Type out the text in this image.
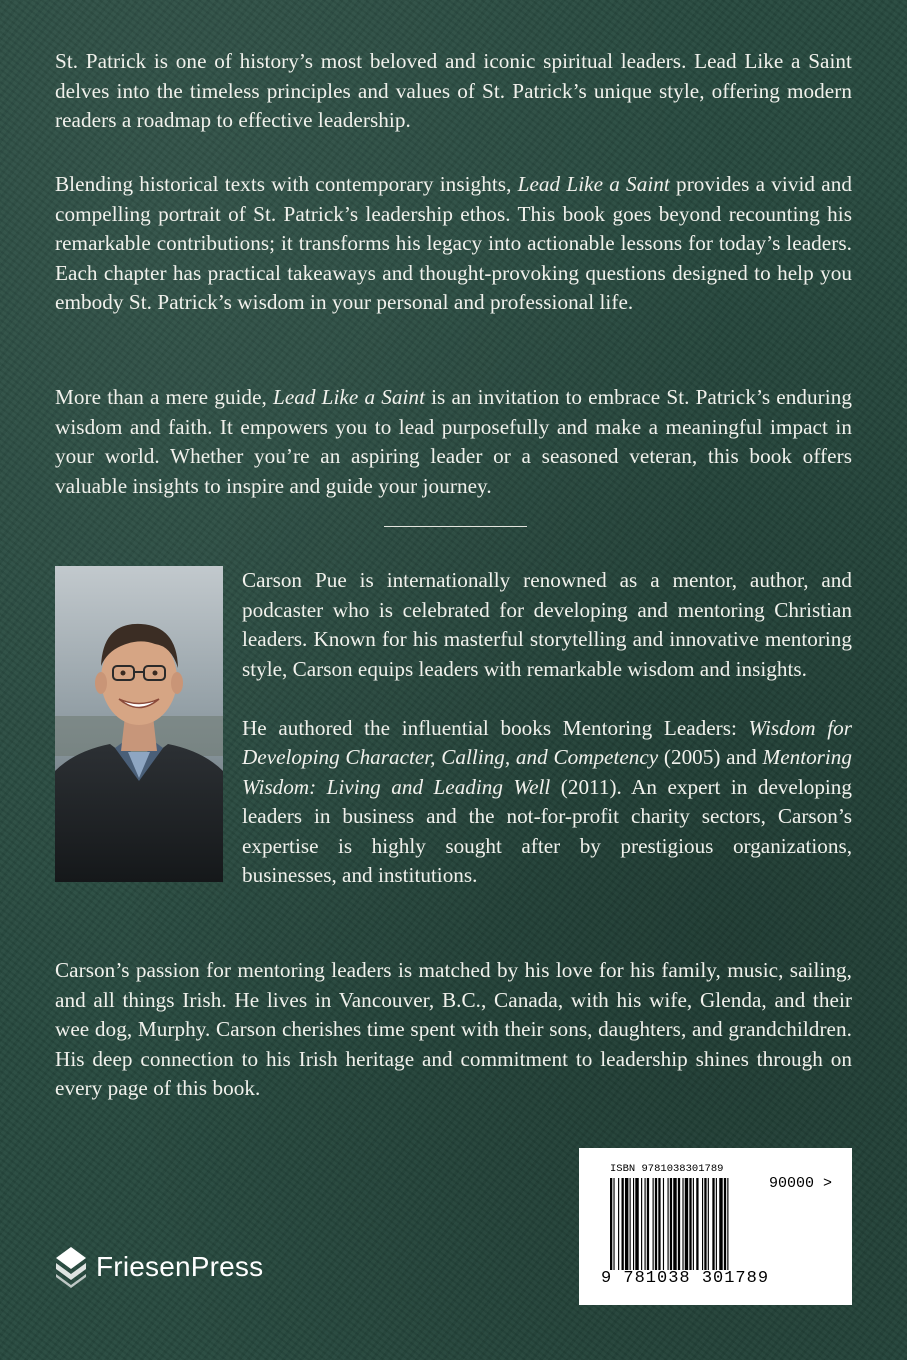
St. Patrick is one of history’s most beloved and iconic spiritual leaders. Lead Like a Saint delves into the timeless principles and values of St. Patrick’s unique style, offering modern readers a roadmap to effective leadership.

Blending historical texts with contemporary insights, Lead Like a Saint provides a vivid and compelling portrait of St. Patrick’s leadership ethos. This book goes beyond recounting his remarkable contributions; it transforms his legacy into actionable lessons for today’s leaders. Each chapter has practical takeaways and thought-provoking questions designed to help you embody St. Patrick’s wisdom in your personal and professional life.

More than a mere guide, Lead Like a Saint is an invitation to embrace St. Patrick’s enduring wisdom and faith. It empowers you to lead purposefully and make a meaningful impact in your world. Whether you’re an aspiring leader or a seasoned veteran, this book offers valuable insights to inspire and guide your journey.

Carson Pue is internationally renowned as a mentor, author, and podcaster who is celebrated for developing and mentoring Christian leaders. Known for his masterful storytelling and innovative mentoring style, Carson equips leaders with remarkable wisdom and insights.

He authored the influential books Mentoring Leaders: Wisdom for Developing Character, Calling, and Competency (2005) and Mentoring Wisdom: Living and Leading Well (2011). An expert in developing leaders in business and the not-for-profit charity sectors, Carson’s expertise is highly sought after by prestigious organizations, businesses, and institutions.

Carson’s passion for mentoring leaders is matched by his love for his family, music, sailing, and all things Irish. He lives in Vancouver, B.C., Canada, with his wife, Glenda, and their wee dog, Murphy. Carson cherishes time spent with their sons, daughters, and grandchildren. His deep connection to his Irish heritage and commitment to leadership shines through on every page of this book.

FriesenPress
ISBN 9781038301789
90000 >
9 781038 301789
